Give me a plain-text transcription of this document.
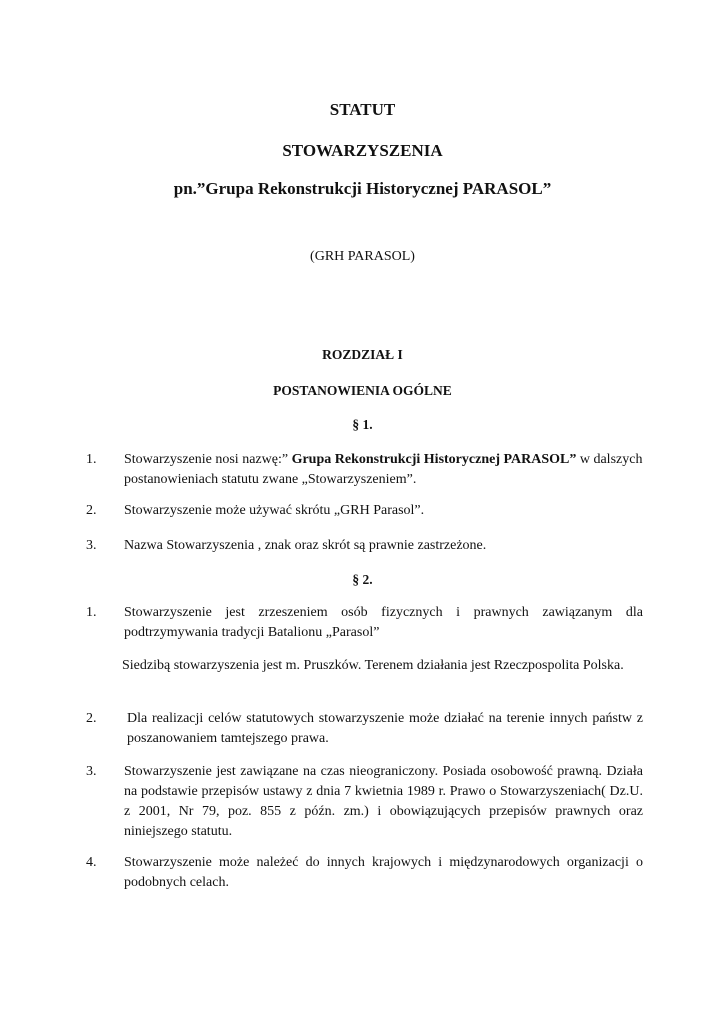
STATUT
STOWARZYSZENIA
pn.”Grupa Rekonstrukcji Historycznej PARASOL”
(GRH PARASOL)
ROZDZIAŁ I
POSTANOWIENIA OGÓLNE
§ 1.
1. Stowarzyszenie nosi nazwę:” Grupa Rekonstrukcji Historycznej PARASOL” w dalszych postanowieniach statutu zwane „Stowarzyszeniem”.
2. Stowarzyszenie może używać skrótu „GRH Parasol”.
3. Nazwa Stowarzyszenia , znak oraz skrót są prawnie zastrzeżone.
§ 2.
1. Stowarzyszenie jest zrzeszeniem osób fizycznych i prawnych zawiązanym dla podtrzymywania tradycji Batalionu „Parasol”
Siedzibą stowarzyszenia jest m. Pruszków. Terenem działania jest Rzeczpospolita Polska.
2. Dla realizacji celów statutowych stowarzyszenie może działać na terenie innych państw z poszanowaniem tamtejszego prawa.
3. Stowarzyszenie jest zawiązane na czas nieograniczony. Posiada osobowość prawną. Działa na podstawie przepisów ustawy z dnia 7 kwietnia 1989 r. Prawo o Stowarzyszeniach( Dz.U. z 2001, Nr 79, poz. 855 z późn. zm.) i obowiązujących przepisów prawnych oraz niniejszego statutu.
4. Stowarzyszenie może należeć do innych krajowych i międzynarodowych organizacji o podobnych celach.
